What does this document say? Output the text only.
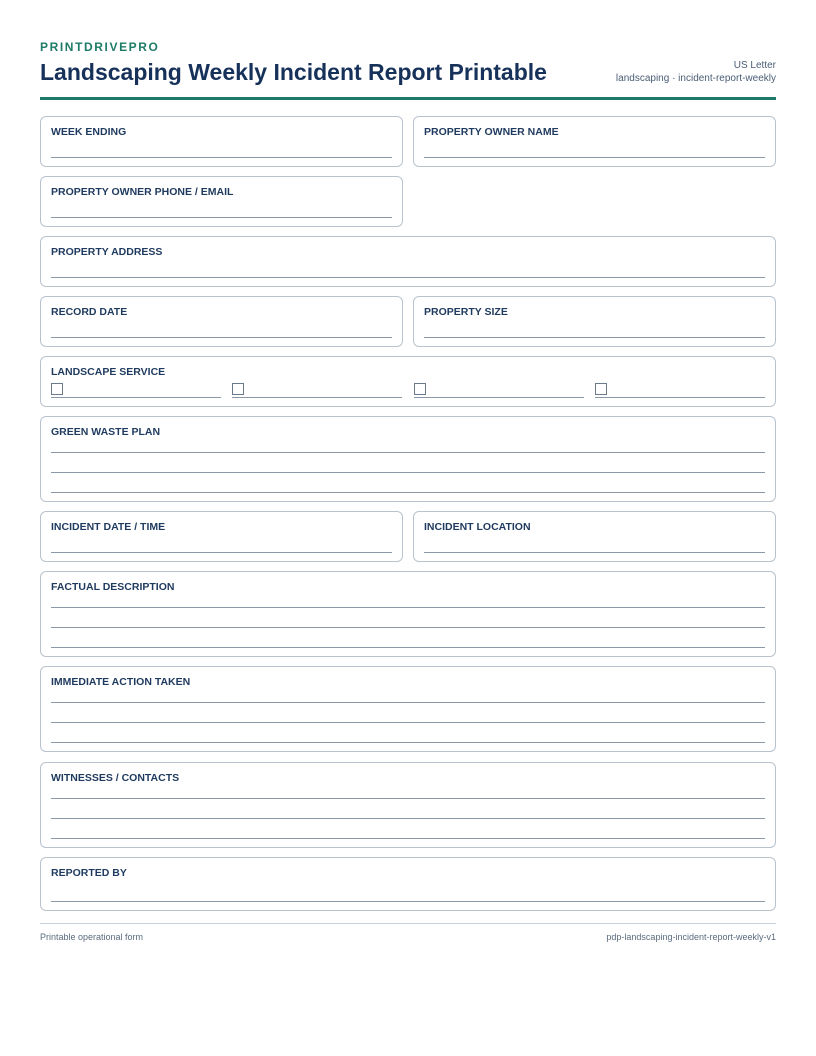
PRINTDRIVEPRO
Landscaping Weekly Incident Report Printable	US Letter
landscaping · incident-report-weekly
WEEK ENDING	PROPERTY OWNER NAME
PROPERTY OWNER PHONE / EMAIL
PROPERTY ADDRESS
RECORD DATE	PROPERTY SIZE
LANDSCAPE SERVICE
GREEN WASTE PLAN
INCIDENT DATE / TIME	INCIDENT LOCATION
FACTUAL DESCRIPTION
IMMEDIATE ACTION TAKEN
WITNESSES / CONTACTS
REPORTED BY
Printable operational form	pdp-landscaping-incident-report-weekly-v1
